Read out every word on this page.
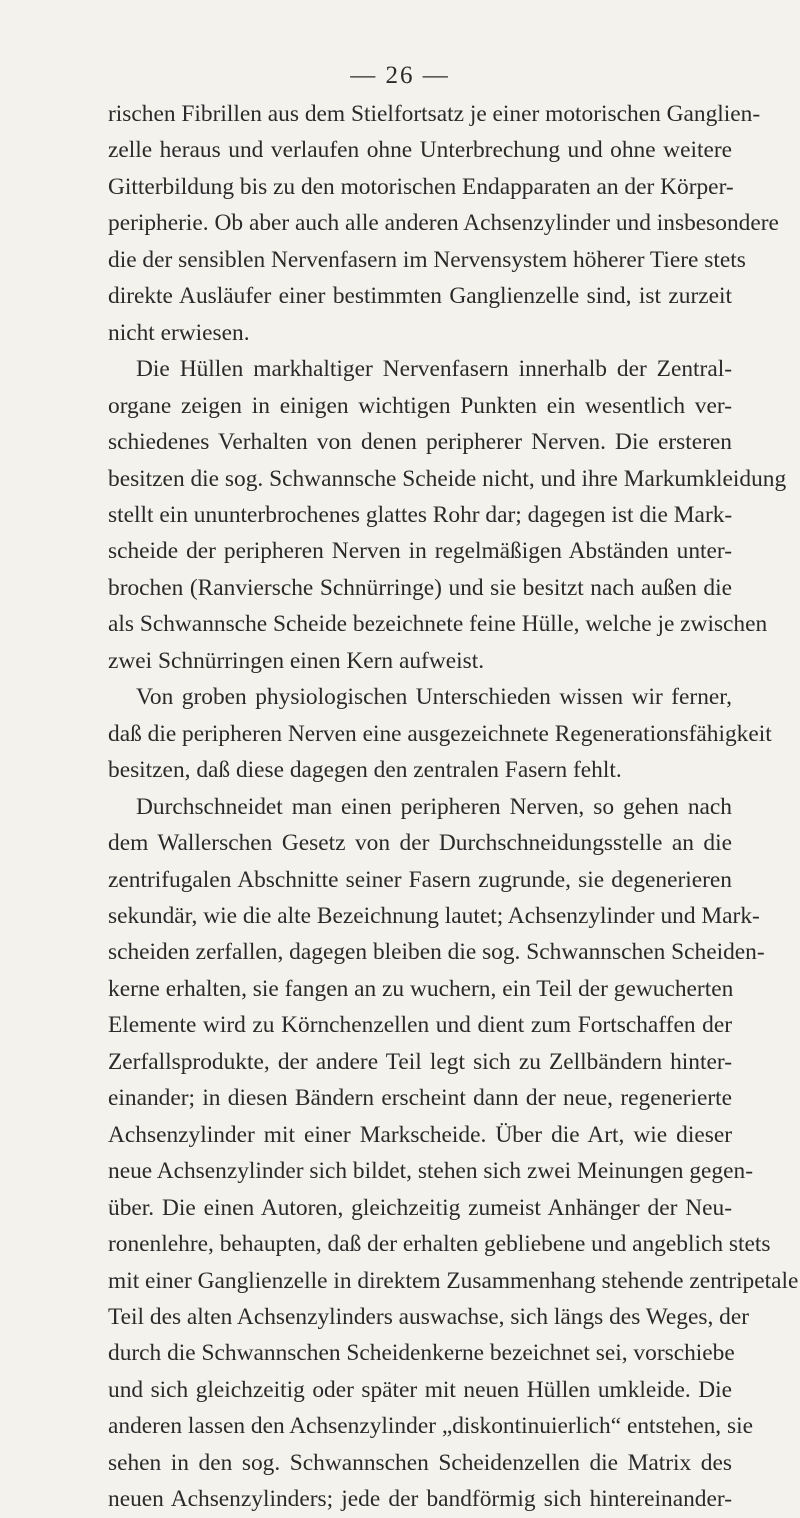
— 26 —
rischen Fibrillen aus dem Stielfortsatz je einer motorischen Ganglien-
zelle heraus und verlaufen ohne Unterbrechung und ohne weitere
Gitterbildung bis zu den motorischen Endapparaten an der Körper-
peripherie. Ob aber auch alle anderen Achsenzylinder und insbesondere
die der sensiblen Nervenfasern im Nervensystem höherer Tiere stets
direkte Ausläufer einer bestimmten Ganglienzelle sind, ist zurzeit
nicht erwiesen.
Die Hüllen markhaltiger Nervenfasern innerhalb der Zentral-
organe zeigen in einigen wichtigen Punkten ein wesentlich ver-
schiedenes Verhalten von denen peripherer Nerven. Die ersteren
besitzen die sog. Schwannsche Scheide nicht, und ihre Markumkleidung
stellt ein ununterbrochenes glattes Rohr dar; dagegen ist die Mark-
scheide der peripheren Nerven in regelmäßigen Abständen unter-
brochen (Ranviersche Schnürringe) und sie besitzt nach außen die
als Schwannsche Scheide bezeichnete feine Hülle, welche je zwischen
zwei Schnürringen einen Kern aufweist.
Von groben physiologischen Unterschieden wissen wir ferner,
daß die peripheren Nerven eine ausgezeichnete Regenerationsfähigkeit
besitzen, daß diese dagegen den zentralen Fasern fehlt.
Durchschneidet man einen peripheren Nerven, so gehen nach
dem Wallerschen Gesetz von der Durchschneidungsstelle an die
zentrifugalen Abschnitte seiner Fasern zugrunde, sie degenerieren
sekundär, wie die alte Bezeichnung lautet; Achsenzylinder und Mark-
scheiden zerfallen, dagegen bleiben die sog. Schwannschen Scheiden-
kerne erhalten, sie fangen an zu wuchern, ein Teil der gewucherten
Elemente wird zu Körnchenzellen und dient zum Fortschaffen der
Zerfallsprodukte, der andere Teil legt sich zu Zellbändern hinter-
einander; in diesen Bändern erscheint dann der neue, regenerierte
Achsenzylinder mit einer Markscheide. Über die Art, wie dieser
neue Achsenzylinder sich bildet, stehen sich zwei Meinungen gegen-
über. Die einen Autoren, gleichzeitig zumeist Anhänger der Neu-
ronenlehre, behaupten, daß der erhalten gebliebene und angeblich stets
mit einer Ganglienzelle in direktem Zusammenhang stehende zentripetale
Teil des alten Achsenzylinders auswachse, sich längs des Weges, der
durch die Schwannschen Scheidenkerne bezeichnet sei, vorschiebe
und sich gleichzeitig oder später mit neuen Hüllen umkleide. Die
anderen lassen den Achsenzylinder „diskontinuierlich“ entstehen, sie
sehen in den sog. Schwannschen Scheidenzellen die Matrix des
neuen Achsenzylinders; jede der bandförmig sich hintereinander-
